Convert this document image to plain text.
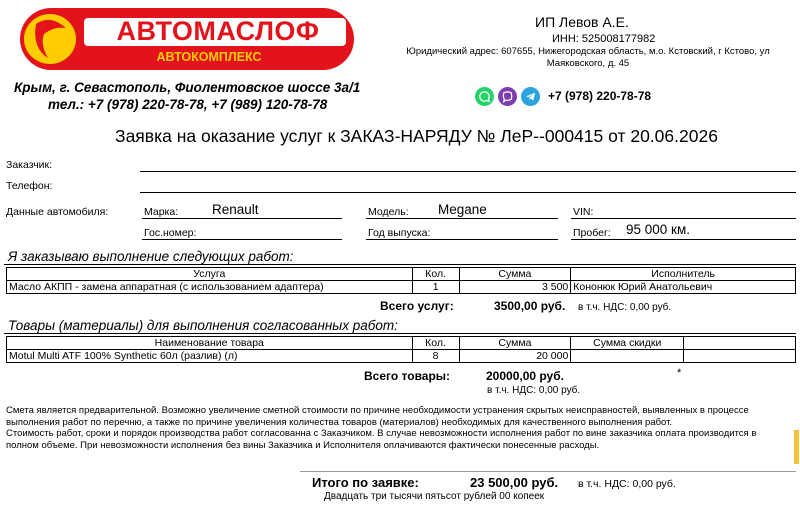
АВТОМАСЛОФ
АВТОКОМПЛЕКС
Крым, г. Севастополь, Фиолентовское шоссе 3а/1
тел.: +7 (978) 220-78-78, +7 (989) 120-78-78
ИП Левов А.Е.
ИНН: 525008177982
Юридический адрес: 607655, Нижегородская область, м.о. Кстовский, г Кстово, ул Маяковского, д. 45
+7 (978) 220-78-78
Заявка на оказание услуг к ЗАКАЗ-НАРЯДУ № ЛеР--000415 от 20.06.2026
Заказчик:
Телефон:
Данные автомобиля:	Марка:	Renault	Модель: Megane	VIN:
Гос.номер:	Год выпуска:	Пробег: 95 000 км.
Я заказываю выполнение следующих работ:
Услуга	Кол.	Сумма	Исполнитель
Масло АКПП - замена аппаратная (с использованием адаптера)	1	3 500	Кононюк Юрий Анатольевич
Всего услуг:	3500,00 руб. в т.ч. НДС: 0,00 руб.
Товары (материалы) для выполнения согласованных работ:
Наименование товара	Кол.	Сумма	Сумма скидки	
Motul Multi ATF 100% Synthetic 60л (разлив) (л)	8	20 000		
Всего товары:	20000,00 руб.	*
в т.ч. НДС: 0,00 руб.
Смета является предварительной. Возможно увеличение сметной стоимости по причине необходимости устранения скрытых неисправностей, выявленных в процессе выполнения работ по перечню, а также по причине увеличения количества товаров (материалов) необходимых для качественного выполнения работ.
Стоимость работ, сроки и порядок производства работ согласованна с Заказчиком. В случае невозможности исполнения работ по вине заказчика оплата производится в полном объеме. При невозможности исполнения без вины Заказчика и Исполнителя оплачиваются фактически понесенные расходы.
Итого по заявке:	23 500,00 руб. в т.ч. НДС: 0,00 руб.
Двадцать три тысячи пятьсот рублей 00 копеек
